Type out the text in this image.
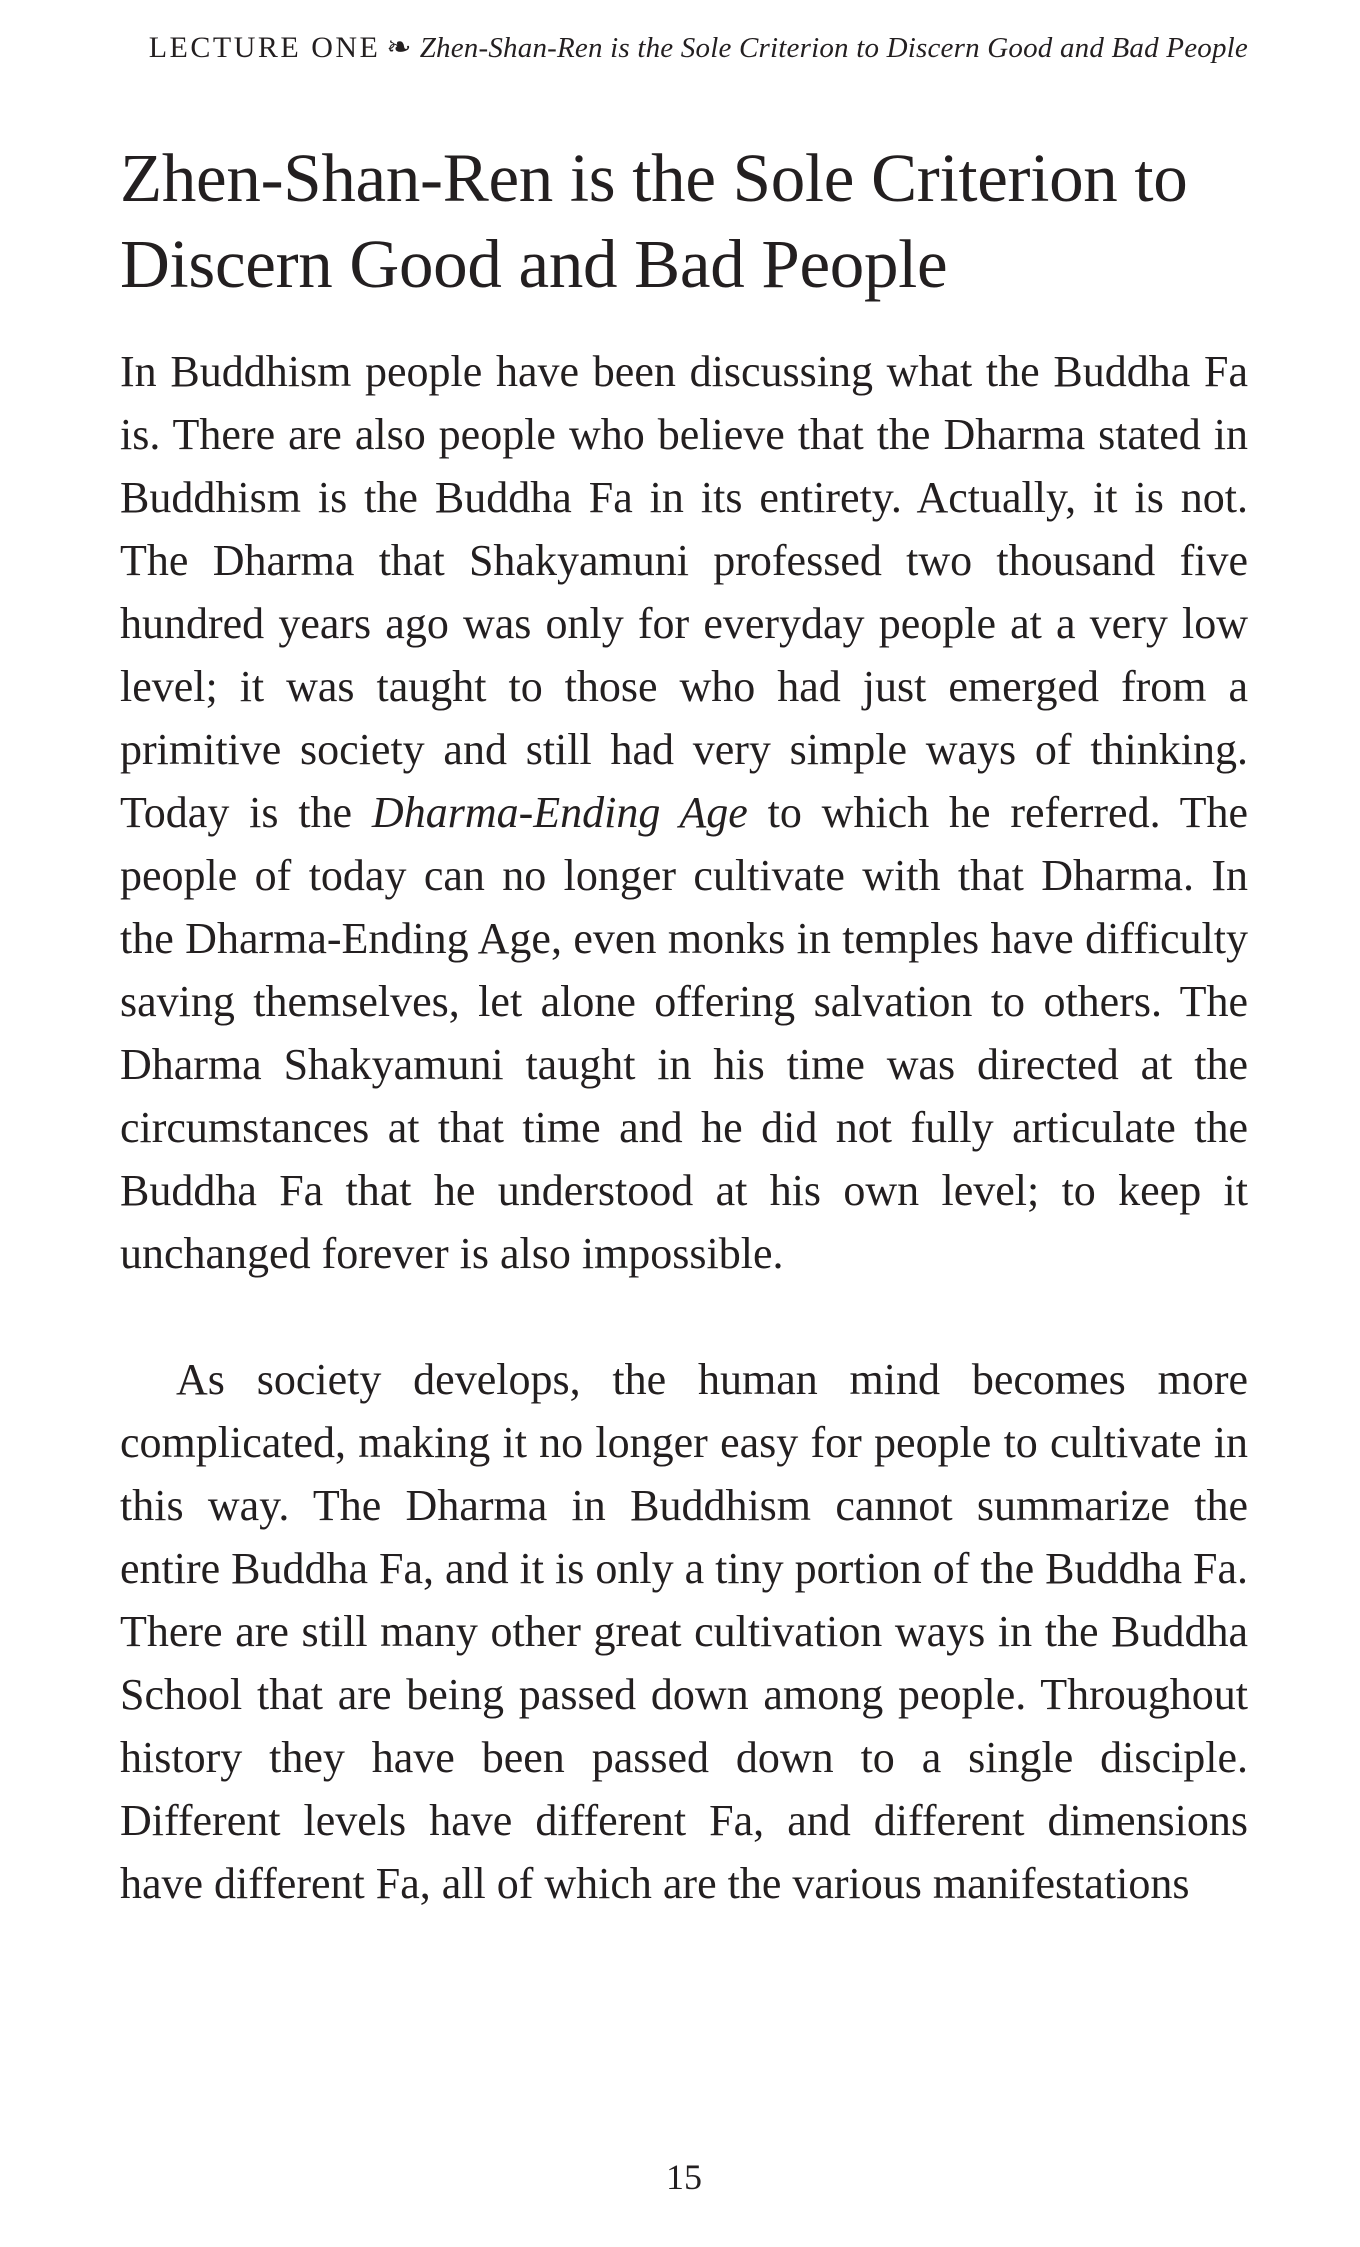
LECTURE ONE ❧ Zhen-Shan-Ren is the Sole Criterion to Discern Good and Bad People
Zhen-Shan-Ren is the Sole Criterion to Discern Good and Bad People

In Buddhism people have been discussing what the Buddha Fa is. There are also people who believe that the Dharma stated in Buddhism is the Buddha Fa in its entirety. Actually, it is not. The Dharma that Shakyamuni professed two thousand five hundred years ago was only for everyday people at a very low level; it was taught to those who had just emerged from a primitive society and still had very simple ways of thinking. Today is the Dharma-Ending Age to which he referred. The people of today can no longer cultivate with that Dharma. In the Dharma-Ending Age, even monks in temples have difficulty saving themselves, let alone offering salvation to others. The Dharma Shakyamuni taught in his time was directed at the circumstances at that time and he did not fully articulate the Buddha Fa that he understood at his own level; to keep it unchanged forever is also impossible.

As society develops, the human mind becomes more complicated, making it no longer easy for people to cultivate in this way. The Dharma in Buddhism cannot summarize the entire Buddha Fa, and it is only a tiny portion of the Buddha Fa. There are still many other great cultivation ways in the Buddha School that are being passed down among people. Throughout history they have been passed down to a single disciple. Different levels have different Fa, and different dimensions have different Fa, all of which are the various manifestations

15
